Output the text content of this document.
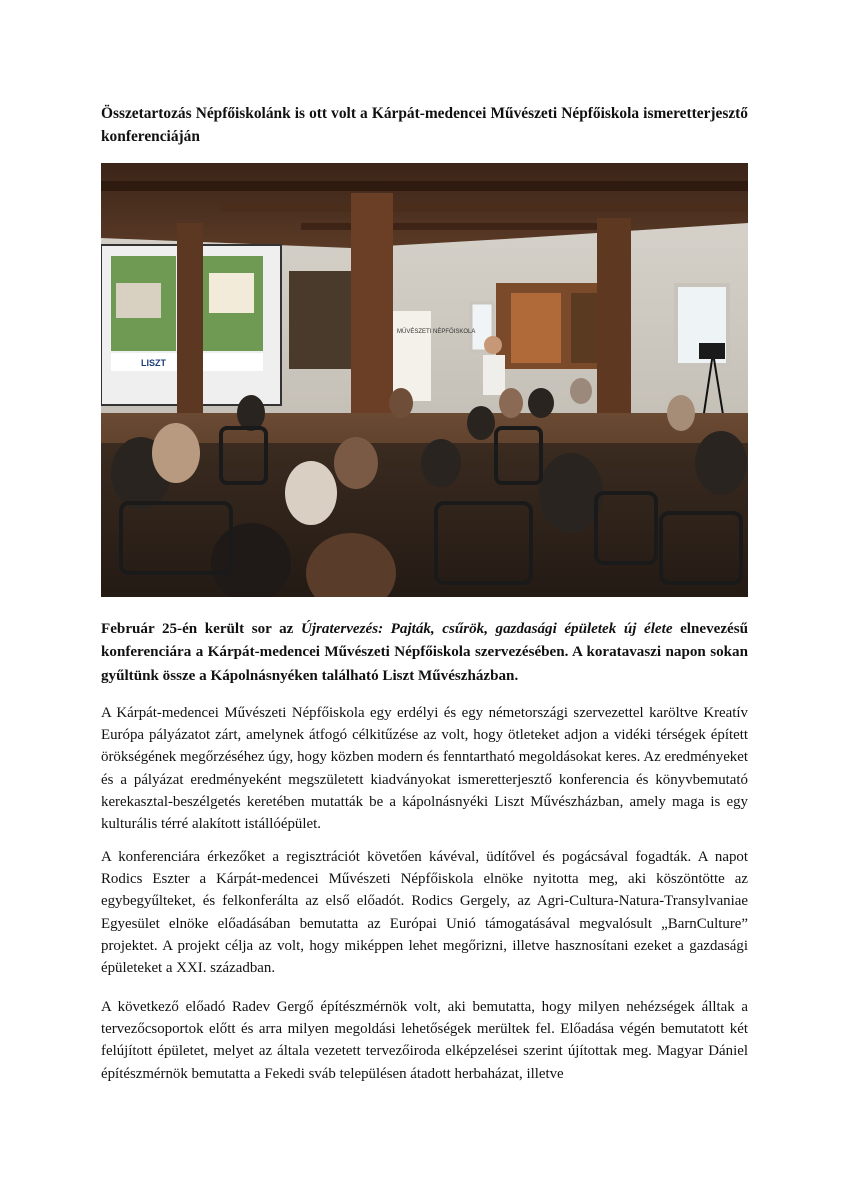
Összetartozás Népfőiskolánk is ott volt a Kárpát-medencei Művészeti Népfőiskola ismeretterjesztő konferenciáján
LISZT
MŰVÉSZETI NÉPFŐISKOLA
Február 25-én került sor az Újratervezés: Pajták, csűrök, gazdasági épületek új élete elnevezésű konferenciára a Kárpát-medencei Művészeti Népfőiskola szervezésében. A koratavaszi napon sokan gyűltünk össze a Kápolnásnyéken található Liszt Művészházban.

A Kárpát-medencei Művészeti Népfőiskola egy erdélyi és egy németországi szervezettel karöltve Kreatív Európa pályázatot zárt, amelynek átfogó célkitűzése az volt, hogy ötleteket adjon a vidéki térségek épített örökségének megőrzéséhez úgy, hogy közben modern és fenntartható megoldásokat keres. Az eredményeket és a pályázat eredményeként megszületett kiadványokat ismeretterjesztő konferencia és könyvbemutató kerekasztal-beszélgetés keretében mutatták be a kápolnásnyéki Liszt Művészházban, amely maga is egy kulturális térré alakított istállóépület.

A konferenciára érkezőket a regisztrációt követően kávéval, üdítővel és pogácsával fogadták. A napot Rodics Eszter a Kárpát-medencei Művészeti Népfőiskola elnöke nyitotta meg, aki köszöntötte az egybegyűlteket, és felkonferálta az első előadót. Rodics Gergely, az Agri-Cultura-Natura-Transylvaniae Egyesület elnöke előadásában bemutatta az Európai Unió támogatásával megvalósult „BarnCulture” projektet. A projekt célja az volt, hogy miképpen lehet megőrizni, illetve hasznosítani ezeket a gazdasági épületeket a XXI. században.

A következő előadó Radev Gergő építészmérnök volt, aki bemutatta, hogy milyen nehézségek álltak a tervezőcsoportok előtt és arra milyen megoldási lehetőségek merültek fel. Előadása végén bemutatott két felújított épületet, melyet az általa vezetett tervezőiroda elképzelései szerint újítottak meg. Magyar Dániel építészmérnök bemutatta a Fekedi sváb településen átadott herbaházat, illetve
